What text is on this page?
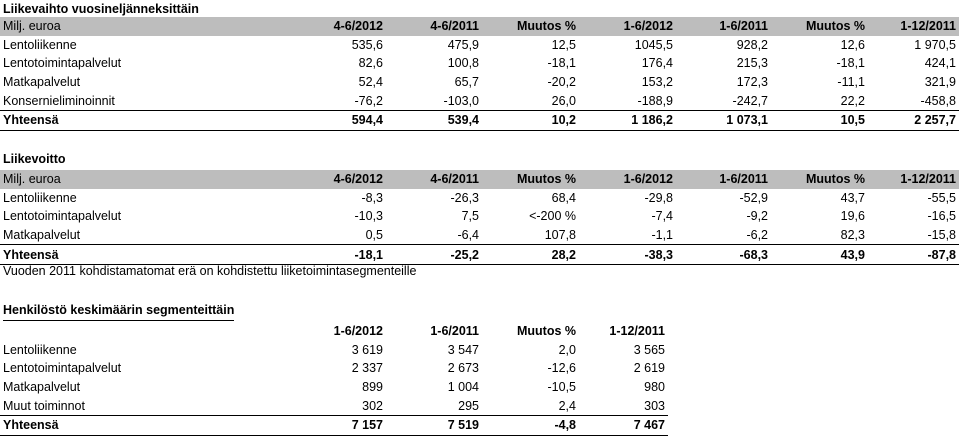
Liikevaihto vuosineljänneksittäin
Milj. euroa	4-6/2012	4-6/2011	Muutos %	1-6/2012	1-6/2011	Muutos %	1-12/2011
Lentoliikenne	535,6	475,9	12,5	1045,5	928,2	12,6	1 970,5
Lentotoimintapalvelut	82,6	100,8	-18,1	176,4	215,3	-18,1	424,1
Matkapalvelut	52,4	65,7	-20,2	153,2	172,3	-11,1	321,9
Konsernieliminoinnit	-76,2	-103,0	26,0	-188,9	-242,7	22,2	-458,8
Yhteensä	594,4	539,4	10,2	1 186,2	1 073,1	10,5	2 257,7
Liikevoitto
Milj. euroa	4-6/2012	4-6/2011	Muutos %	1-6/2012	1-6/2011	Muutos %	1-12/2011
Lentoliikenne	-8,3	-26,3	68,4	-29,8	-52,9	43,7	-55,5
Lentotoimintapalvelut	-10,3	7,5	<-200 %	-7,4	-9,2	19,6	-16,5
Matkapalvelut	0,5	-6,4	107,8	-1,1	-6,2	82,3	-15,8
Yhteensä	-18,1	-25,2	28,2	-38,3	-68,3	43,9	-87,8
Vuoden 2011 kohdistamatomat erä on kohdistettu liiketoimintasegmenteille
Henkilöstö keskimäärin segmenteittäin
	1-6/2012	1-6/2011	Muutos %	1-12/2011
Lentoliikenne	3 619	3 547	2,0	3 565
Lentotoimintapalvelut	2 337	2 673	-12,6	2 619
Matkapalvelut	899	1 004	-10,5	980
Muut toiminnot	302	295	2,4	303
Yhteensä	7 157	7 519	-4,8	7 467
